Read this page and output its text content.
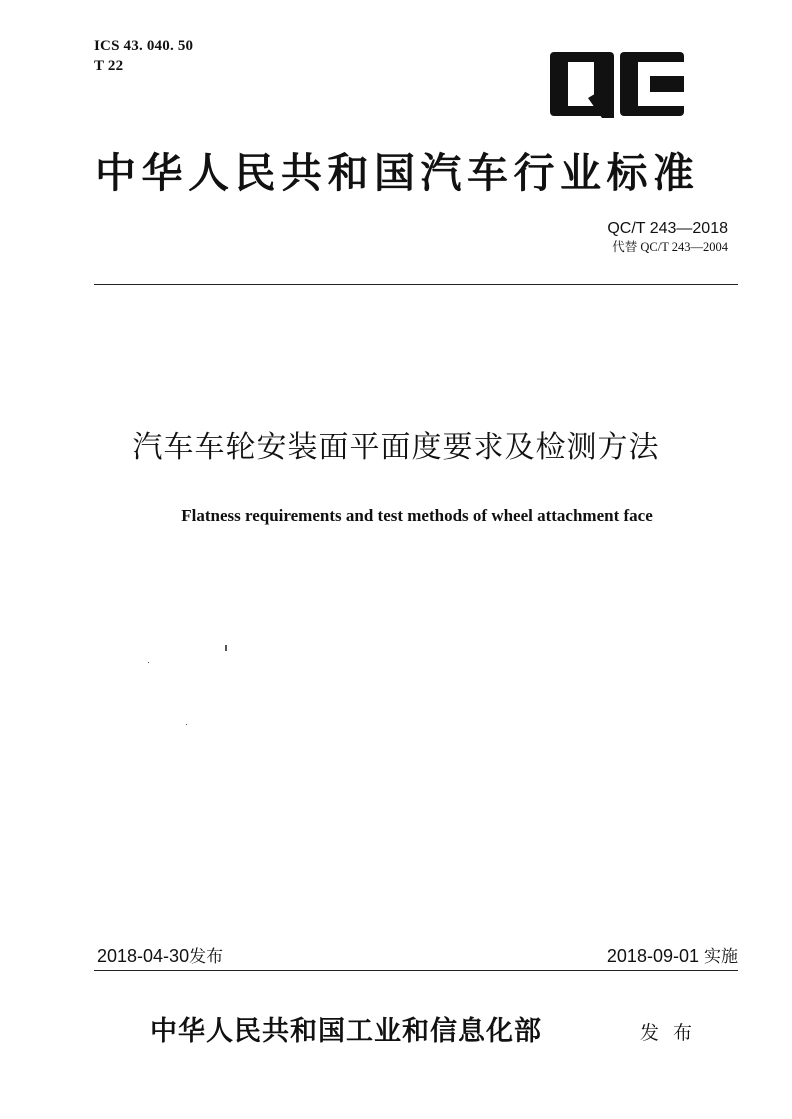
ICS 43. 040. 50
T 22
中华人民共和国汽车行业标准
QC/T 243—2018
代替 QC/T 243—2004
汽车车轮安装面平面度要求及检测方法
Flatness requirements and test methods of wheel attachment face
2018-04-30发布	2018-09-01 实施
中华人民共和国工业和信息化部	发 布
